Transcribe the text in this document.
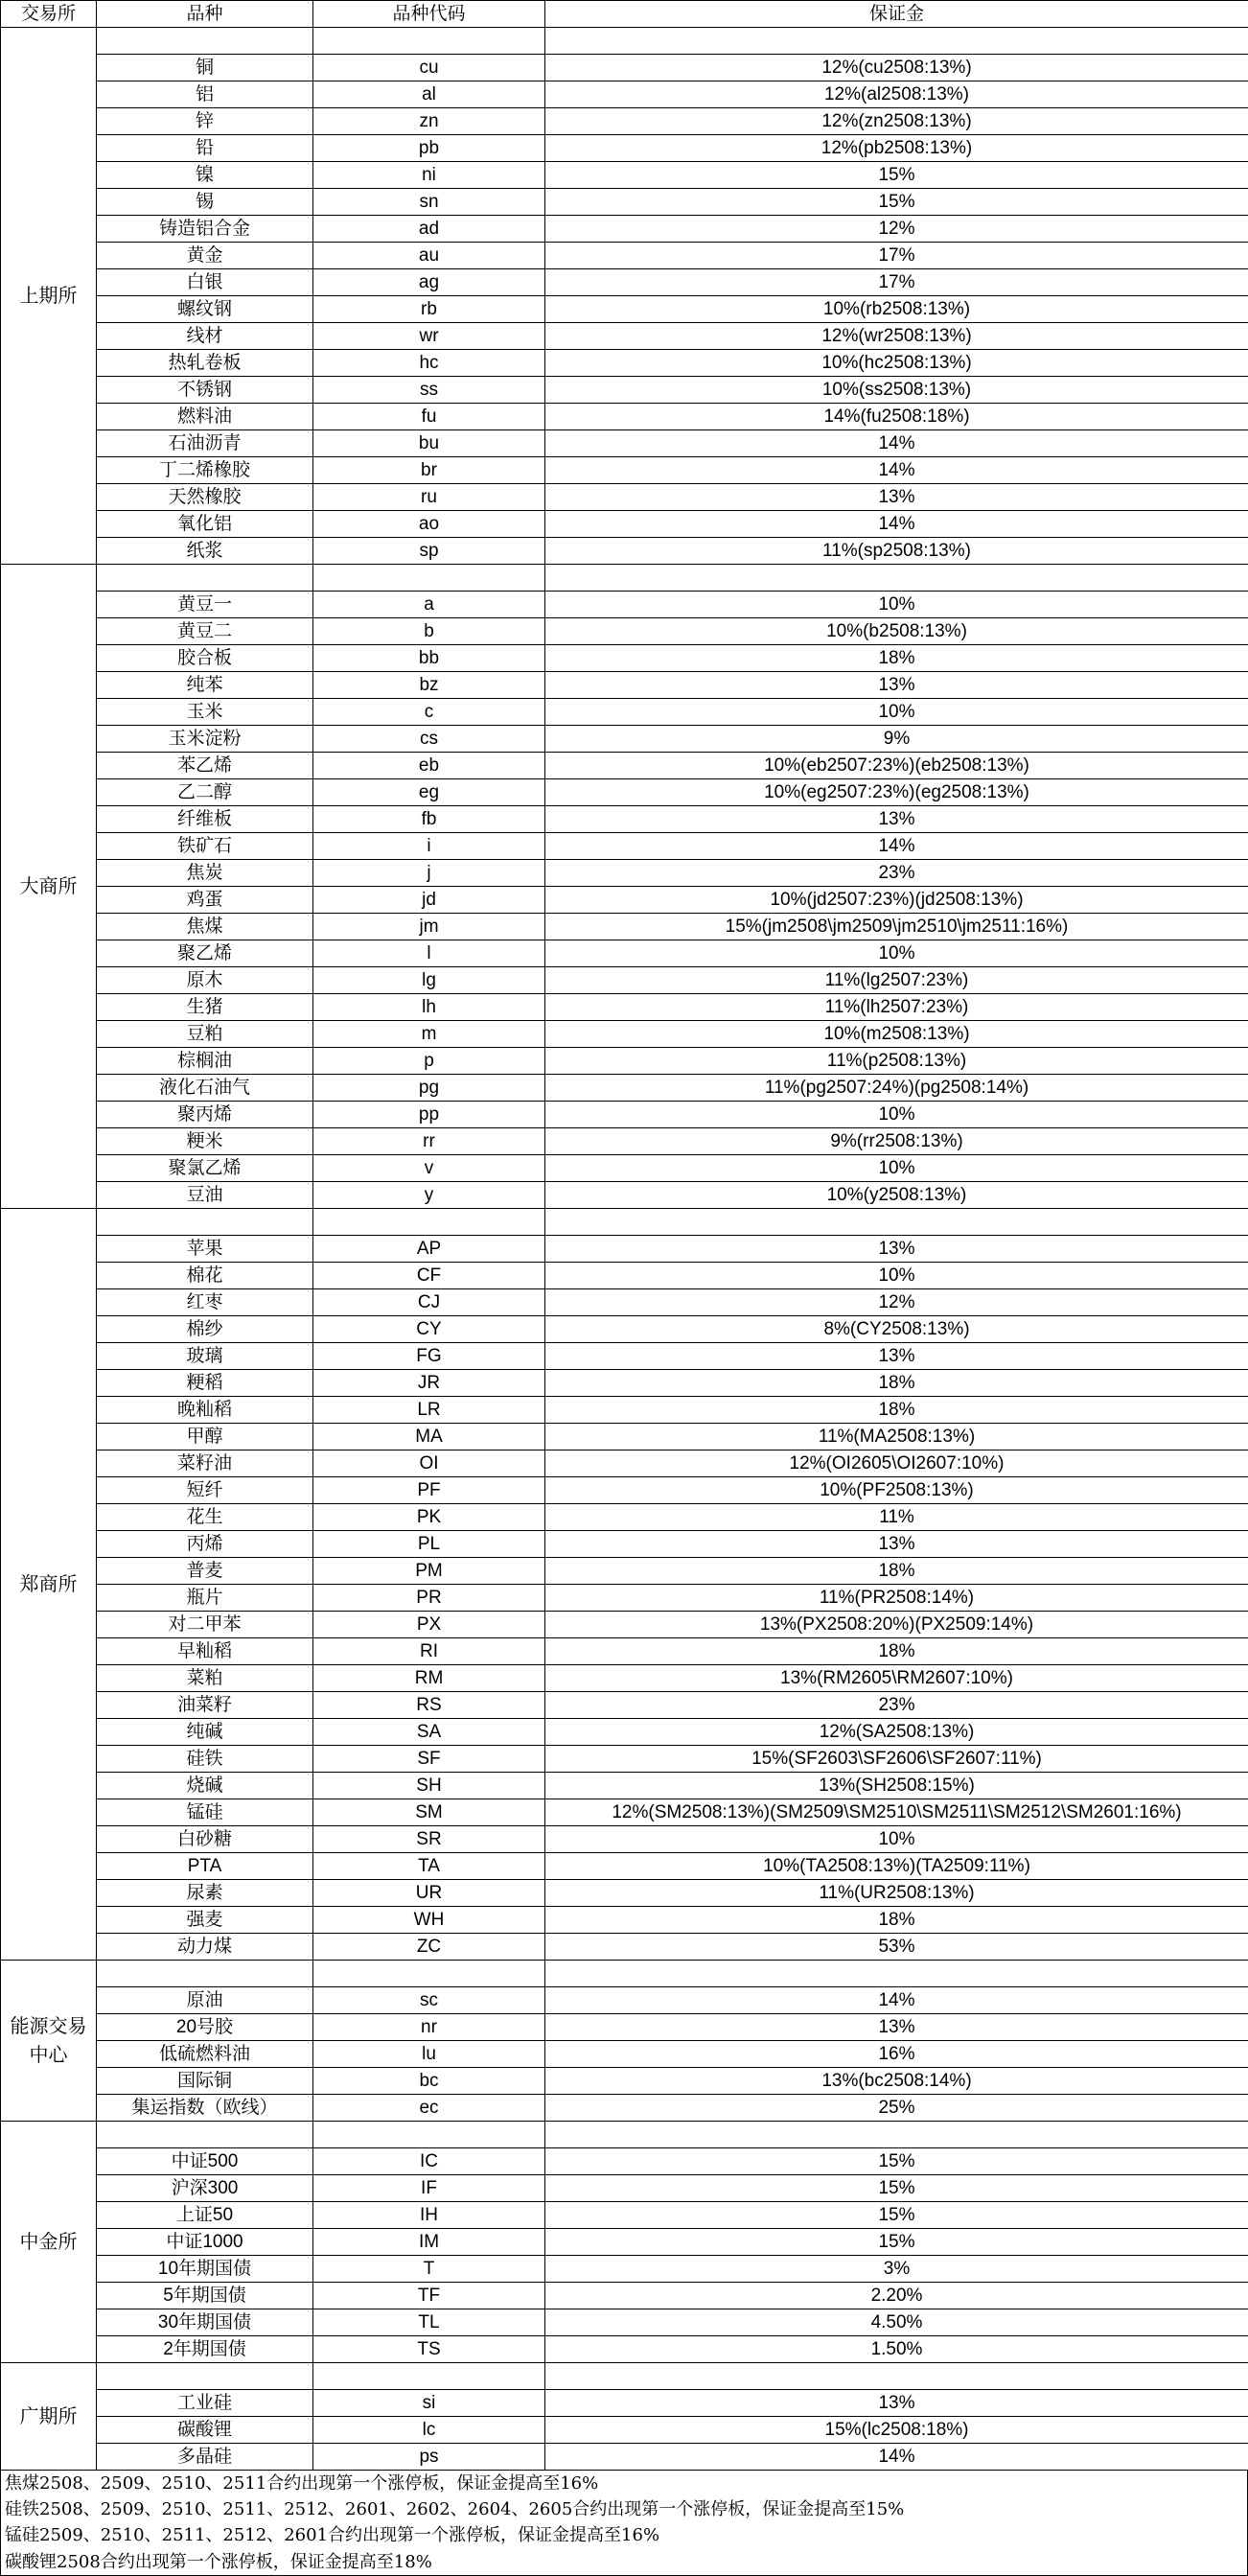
交易所	品种	品种代码	保证金
上期所			
	铜	cu	12%(cu2508:13%)
	铝	al	12%(al2508:13%)
	锌	zn	12%(zn2508:13%)
	铅	pb	12%(pb2508:13%)
	镍	ni	15%
	锡	sn	15%
	铸造铝合金	ad	12%
	黄金	au	17%
	白银	ag	17%
	螺纹钢	rb	10%(rb2508:13%)
	线材	wr	12%(wr2508:13%)
	热轧卷板	hc	10%(hc2508:13%)
	不锈钢	ss	10%(ss2508:13%)
	燃料油	fu	14%(fu2508:18%)
	石油沥青	bu	14%
	丁二烯橡胶	br	14%
	天然橡胶	ru	13%
	氧化铝	ao	14%
	纸浆	sp	11%(sp2508:13%)
大商所			
	黄豆一	a	10%
	黄豆二	b	10%(b2508:13%)
	胶合板	bb	18%
	纯苯	bz	13%
	玉米	c	10%
	玉米淀粉	cs	9%
	苯乙烯	eb	10%(eb2507:23%)(eb2508:13%)
	乙二醇	eg	10%(eg2507:23%)(eg2508:13%)
	纤维板	fb	13%
	铁矿石	i	14%
	焦炭	j	23%
	鸡蛋	jd	10%(jd2507:23%)(jd2508:13%)
	焦煤	jm	15%(jm2508\jm2509\jm2510\jm2511:16%)
	聚乙烯	l	10%
	原木	lg	11%(lg2507:23%)
	生猪	lh	11%(lh2507:23%)
	豆粕	m	10%(m2508:13%)
	棕榈油	p	11%(p2508:13%)
	液化石油气	pg	11%(pg2507:24%)(pg2508:14%)
	聚丙烯	pp	10%
	粳米	rr	9%(rr2508:13%)
	聚氯乙烯	v	10%
	豆油	y	10%(y2508:13%)
郑商所			
	苹果	AP	13%
	棉花	CF	10%
	红枣	CJ	12%
	棉纱	CY	8%(CY2508:13%)
	玻璃	FG	13%
	粳稻	JR	18%
	晚籼稻	LR	18%
	甲醇	MA	11%(MA2508:13%)
	菜籽油	OI	12%(OI2605\OI2607:10%)
	短纤	PF	10%(PF2508:13%)
	花生	PK	11%
	丙烯	PL	13%
	普麦	PM	18%
	瓶片	PR	11%(PR2508:14%)
	对二甲苯	PX	13%(PX2508:20%)(PX2509:14%)
	早籼稻	RI	18%
	菜粕	RM	13%(RM2605\RM2607:10%)
	油菜籽	RS	23%
	纯碱	SA	12%(SA2508:13%)
	硅铁	SF	15%(SF2603\SF2606\SF2607:11%)
	烧碱	SH	13%(SH2508:15%)
	锰硅	SM	12%(SM2508:13%)(SM2509\SM2510\SM2511\SM2512\SM2601:16%)
	白砂糖	SR	10%
	PTA	TA	10%(TA2508:13%)(TA2509:11%)
	尿素	UR	11%(UR2508:13%)
	强麦	WH	18%
	动力煤	ZC	53%
能源交易中心			
	原油	sc	14%
	20号胶	nr	13%
	低硫燃料油	lu	16%
	国际铜	bc	13%(bc2508:14%)
	集运指数（欧线）	ec	25%
中金所			
	中证500	IC	15%
	沪深300	IF	15%
	上证50	IH	15%
	中证1000	IM	15%
	10年期国债	T	3%
	5年期国债	TF	2.20%
	30年期国债	TL	4.50%
	2年期国债	TS	1.50%
广期所			
	工业硅	si	13%
	碳酸锂	lc	15%(lc2508:18%)
	多晶硅	ps	14%
焦煤2508、2509、2510、2511合约出现第一个涨停板，保证金提高至16%
硅铁2508、2509、2510、2511、2512、2601、2602、2604、2605合约出现第一个涨停板，保证金提高至15%
锰硅2509、2510、2511、2512、2601合约出现第一个涨停板，保证金提高至16%
碳酸锂2508合约出现第一个涨停板，保证金提高至18%
